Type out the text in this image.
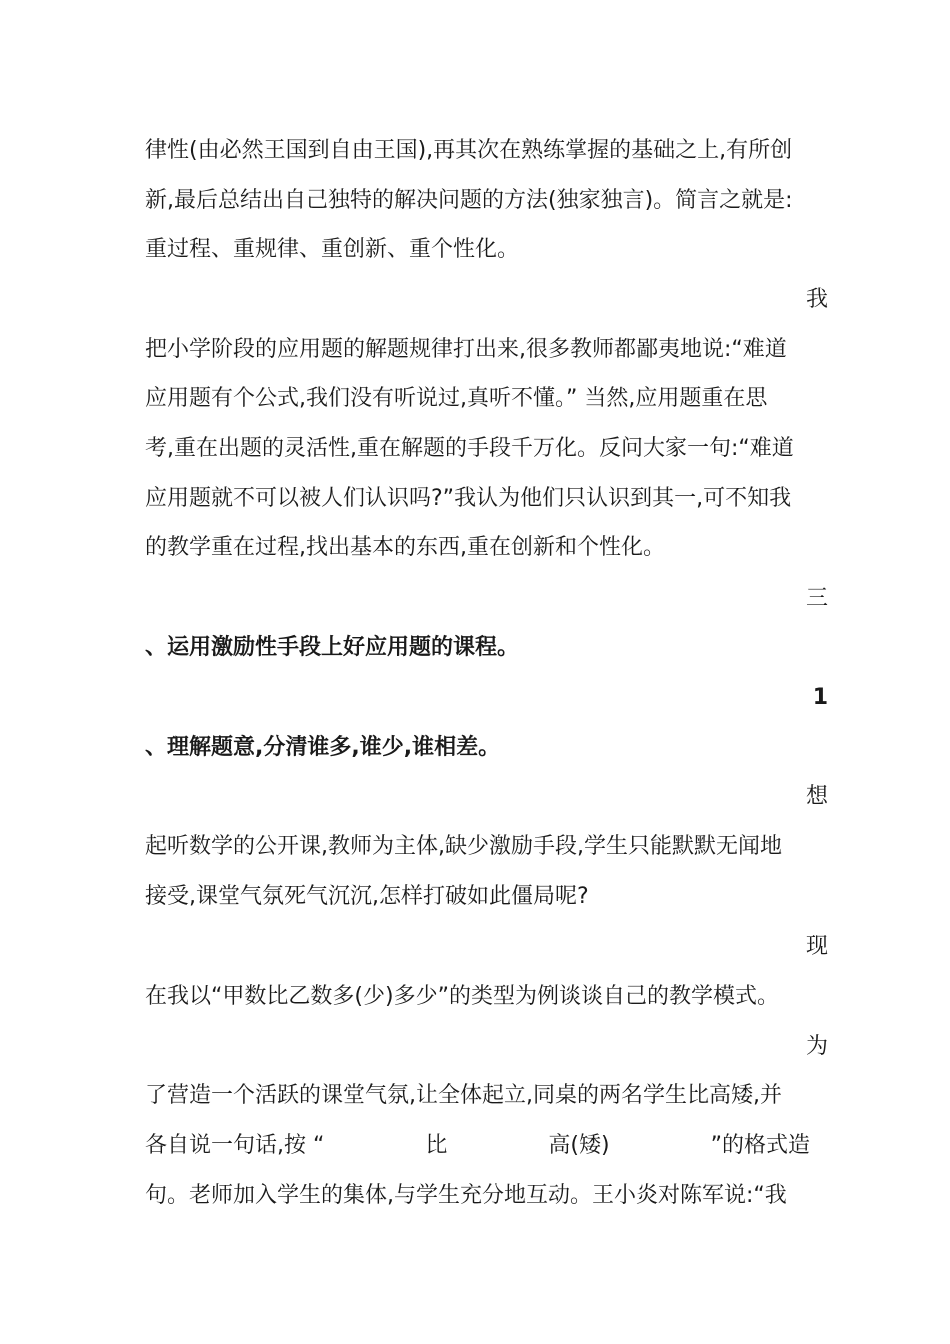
律性(由必然王国到自由王国),再其次在熟练掌握的基础之上,有所创
新,最后总结出自己独特的解决问题的方法(独家独言)。简言之就是:
重过程、重规律、重创新、重个性化。
我
把小学阶段的应用题的解题规律打出来,很多教师都鄙夷地说:“难道
应用题有个公式,我们没有听说过,真听不懂。” 当然,应用题重在思
考,重在出题的灵活性,重在解题的手段千万化。反问大家一句:“难道
应用题就不可以被人们认识吗?”我认为他们只认识到其一,可不知我
的教学重在过程,找出基本的东西,重在创新和个性化。
三
、运用激励性手段上好应用题的课程。
1
、理解题意,分清谁多,谁少,谁相差。
想
起听数学的公开课,教师为主体,缺少激励手段,学生只能默默无闻地
接受,课堂气氛死气沉沉,怎样打破如此僵局呢?
现
在我以“甲数比乙数多(少)多少”的类型为例谈谈自己的教学模式。
为
了营造一个活跃的课堂气氛,让全体起立,同桌的两名学生比高矮,并
各自说一句话,按 “	比	高(矮)	”的格式造
句。老师加入学生的集体,与学生充分地互动。王小炎对陈军说:“我
